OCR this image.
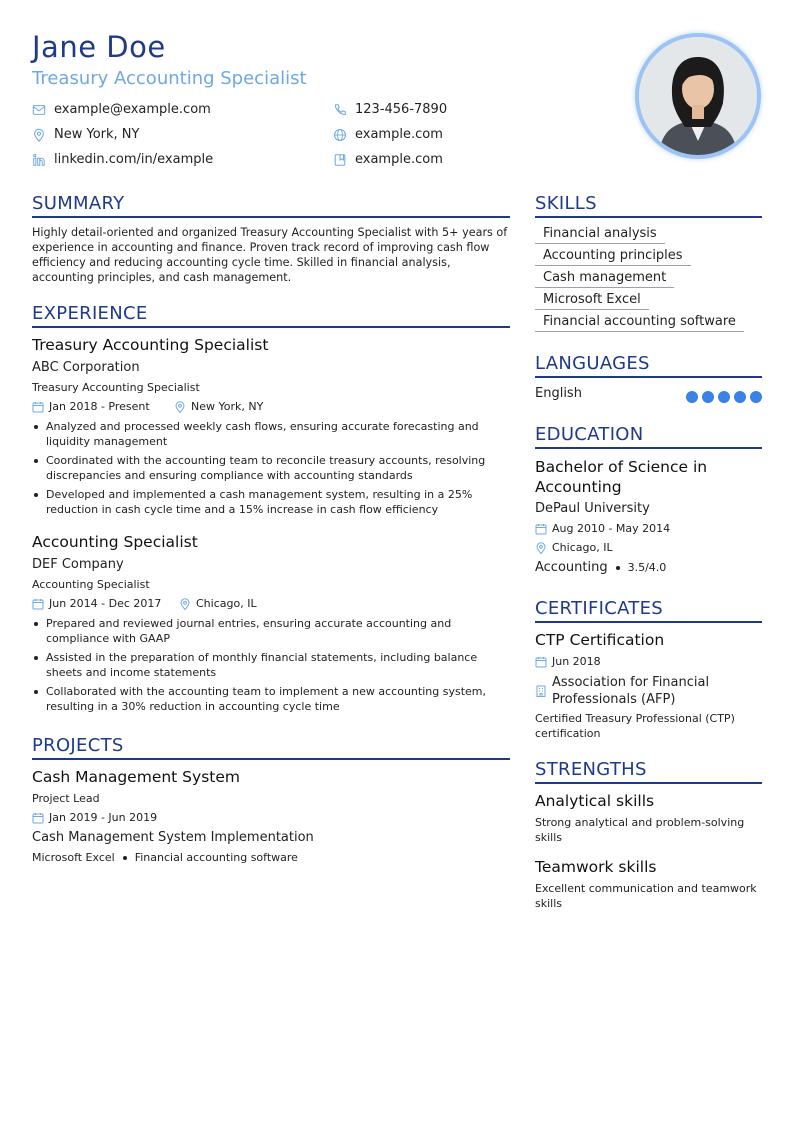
Jane Doe
Treasury Accounting Specialist
example@example.com	123-456-7890
New York, NY	example.com
linkedin.com/in/example	example.com
SUMMARY
Highly detail-oriented and organized Treasury Accounting Specialist with 5+ years of experience in accounting and finance. Proven track record of improving cash flow efficiency and reducing accounting cycle time. Skilled in financial analysis, accounting principles, and cash management.
EXPERIENCE
Treasury Accounting Specialist
ABC Corporation
Treasury Accounting Specialist
Jan 2018 - Present	New York, NY
Analyzed and processed weekly cash flows, ensuring accurate forecasting and liquidity management
Coordinated with the accounting team to reconcile treasury accounts, resolving discrepancies and ensuring compliance with accounting standards
Developed and implemented a cash management system, resulting in a 25% reduction in cash cycle time and a 15% increase in cash flow efficiency
Accounting Specialist
DEF Company
Accounting Specialist
Jun 2014 - Dec 2017	Chicago, IL
Prepared and reviewed journal entries, ensuring accurate accounting and compliance with GAAP
Assisted in the preparation of monthly financial statements, including balance sheets and income statements
Collaborated with the accounting team to implement a new accounting system, resulting in a 30% reduction in accounting cycle time
PROJECTS
Cash Management System
Project Lead
Jan 2019 - Jun 2019
Cash Management System Implementation
Microsoft Excel Financial accounting software
SKILLS
Financial analysis
Accounting principles
Cash management
Microsoft Excel
Financial accounting software
LANGUAGES
English
EDUCATION
Bachelor of Science in Accounting
DePaul University
Aug 2010 - May 2014
Chicago, IL
Accounting 3.5/4.0
CERTIFICATES
CTP Certification
Jun 2018
Association for Financial Professionals (AFP)
Certified Treasury Professional (CTP) certification
STRENGTHS
Analytical skills
Strong analytical and problem-solving skills
Teamwork skills
Excellent communication and teamwork skills
